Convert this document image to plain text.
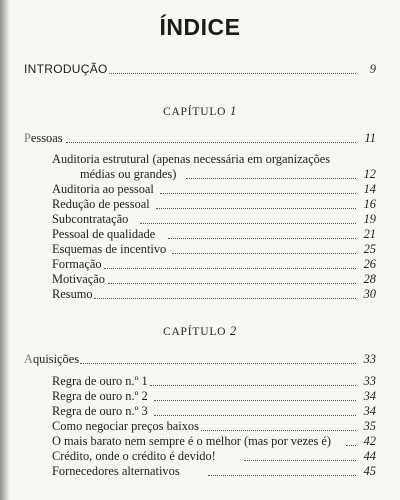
ÍNDICE
INTRODUÇÃO	9
CAPÍTULO 1
Pessoas	11
Auditoria estrutural (apenas necessária em organizações
médias ou grandes)	12
Auditoria ao pessoal	14
Redução de pessoal	16
Subcontratação	19
Pessoal de qualidade	21
Esquemas de incentivo	25
Formação	26
Motivação	28
Resumo	30
CAPÍTULO 2
Aquisições	33
Regra de ouro n.º 1	33
Regra de ouro n.º 2	34
Regra de ouro n.º 3	34
Como negociar preços baixos	35
O mais barato nem sempre é o melhor (mas por vezes é)	42
Crédito, onde o crédito é devido!	44
Fornecedores alternativos	45
